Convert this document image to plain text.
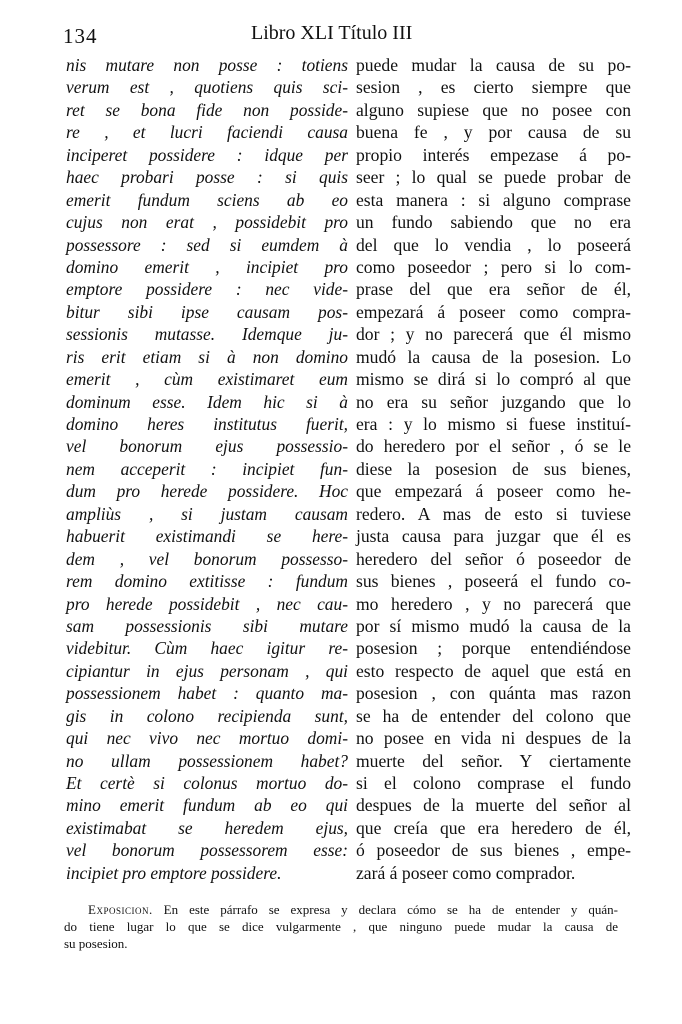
134	Libro XLI Título III
nis mutare non posse : totiens
verum est , quotiens quis sci-
ret se bona fide non posside-
re , et lucri faciendi causa
inciperet possidere : idque per
haec probari posse : si quis
emerit fundum sciens ab eo
cujus non erat , possidebit pro
possessore : sed si eumdem à
domino emerit , incipiet pro
emptore possidere : nec vide-
bitur sibi ipse causam pos-
sessionis mutasse. Idemque ju-
ris erit etiam si à non domino
emerit , cùm existimaret eum
dominum esse. Idem hic si à
domino heres institutus fuerit,
vel bonorum ejus possessio-
nem acceperit : incipiet fun-
dum pro herede possidere. Hoc
ampliùs , si justam causam
habuerit existimandi se here-
dem , vel bonorum possesso-
rem domino extitisse : fundum
pro herede possidebit , nec cau-
sam possessionis sibi mutare
videbitur. Cùm haec igitur re-
cipiantur in ejus personam , qui
possessionem habet : quanto ma-
gis in colono recipienda sunt,
qui nec vivo nec mortuo domi-
no ullam possessionem habet?
Et certè si colonus mortuo do-
mino emerit fundum ab eo qui
existimabat se heredem ejus,
vel bonorum possessorem esse:
incipiet pro emptore possidere.
puede mudar la causa de su po-
sesion , es cierto siempre que
alguno supiese que no posee con
buena fe , y por causa de su
propio interés empezase á po-
seer ; lo qual se puede probar de
esta manera : si alguno comprase
un fundo sabiendo que no era
del que lo vendia , lo poseerá
como poseedor ; pero si lo com-
prase del que era señor de él,
empezará á poseer como compra-
dor ; y no parecerá que él mismo
mudó la causa de la posesion. Lo
mismo se dirá si lo compró al que
no era su señor juzgando que lo
era : y lo mismo si fuese instituí-
do heredero por el señor , ó se le
diese la posesion de sus bienes,
que empezará á poseer como he-
redero. A mas de esto si tuviese
justa causa para juzgar que él es
heredero del señor ó poseedor de
sus bienes , poseerá el fundo co-
mo heredero , y no parecerá que
por sí mismo mudó la causa de la
posesion ; porque entendiéndose
esto respecto de aquel que está en
posesion , con quánta mas razon
se ha de entender del colono que
no posee en vida ni despues de la
muerte del señor. Y ciertamente
si el colono comprase el fundo
despues de la muerte del señor al
que creía que era heredero de él,
ó poseedor de sus bienes , empe-
zará á poseer como comprador.
Exposicion. En este párrafo se expresa y declara cómo se ha de entender y quán-
do tiene lugar lo que se dice vulgarmente , que ninguno puede mudar la causa de
su posesion.
